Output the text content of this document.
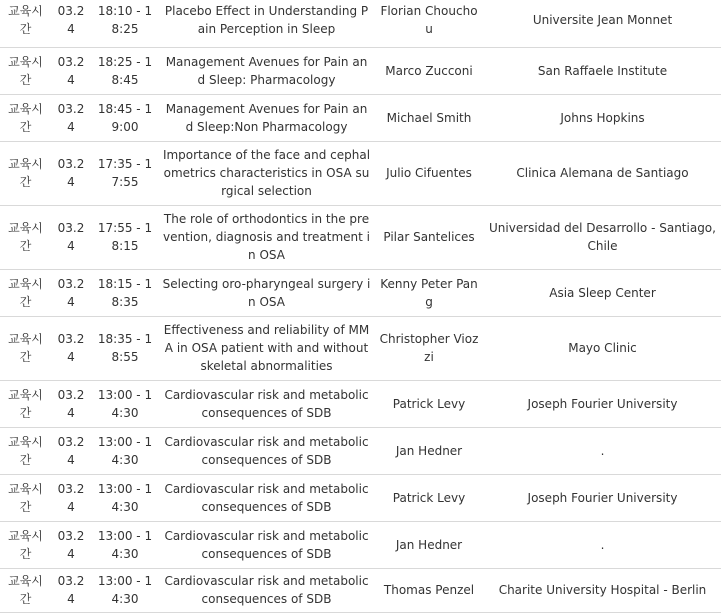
교육시간	03.24	18:10 - 18:25	Placebo Effect in Understanding Pain Perception in Sleep	Florian Chouchou	Universite Jean Monnet
교육시간	03.24	18:25 - 18:45	Management Avenues for Pain and Sleep: Pharmacology	Marco Zucconi	San Raffaele Institute
교육시간	03.24	18:45 - 19:00	Management Avenues for Pain and Sleep:Non Pharmacology	Michael Smith	Johns Hopkins
교육시간	03.24	17:35 - 17:55	Importance of the face and cephalometrics characteristics in OSA surgical selection	Julio Cifuentes	Clinica Alemana de Santiago
교육시간	03.24	17:55 - 18:15	The role of orthodontics in the prevention, diagnosis and treatment in OSA	Pilar Santelices	Universidad del Desarrollo - Santiago, Chile
교육시간	03.24	18:15 - 18:35	Selecting oro-pharyngeal surgery in OSA	Kenny Peter Pang	Asia Sleep Center
교육시간	03.24	18:35 - 18:55	Effectiveness and reliability of MMA in OSA patient with and without skeletal abnormalities	Christopher Viozzi	Mayo Clinic
교육시간	03.24	13:00 - 14:30	Cardiovascular risk and metabolic consequences of SDB	Patrick Levy	Joseph Fourier University
교육시간	03.24	13:00 - 14:30	Cardiovascular risk and metabolic consequences of SDB	Jan Hedner	.
교육시간	03.24	13:00 - 14:30	Cardiovascular risk and metabolic consequences of SDB	Patrick Levy	Joseph Fourier University
교육시간	03.24	13:00 - 14:30	Cardiovascular risk and metabolic consequences of SDB	Jan Hedner	.
교육시간	03.24	13:00 - 14:30	Cardiovascular risk and metabolic consequences of SDB	Thomas Penzel	Charite University Hospital - Berlin
